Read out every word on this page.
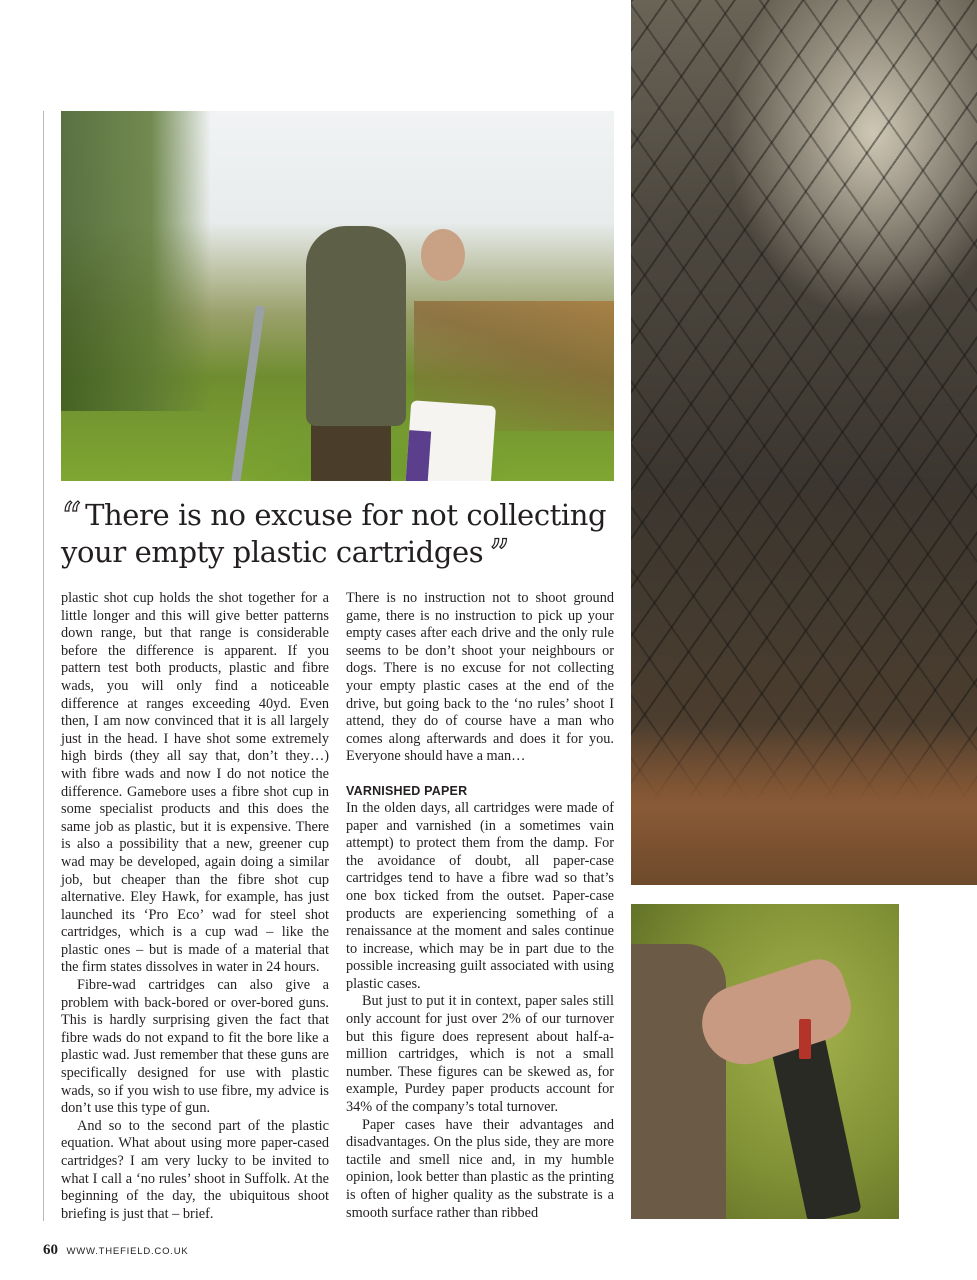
“ There is no excuse for not collecting your empty plastic cartridges ”

plastic shot cup holds the shot together for a little longer and this will give better patterns down range, but that range is considerable before the difference is apparent. If you pattern test both products, plastic and fibre wads, you will only find a noticeable difference at ranges exceeding 40yd. Even then, I am now convinced that it is all largely just in the head. I have shot some extremely high birds (they all say that, don’t they…) with fibre wads and now I do not notice the difference. Gamebore uses a fibre shot cup in some specialist products and this does the same job as plastic, but it is expensive. There is also a possibility that a new, greener cup wad may be developed, again doing a similar job, but cheaper than the fibre shot cup alternative. Eley Hawk, for example, has just launched its ‘Pro Eco’ wad for steel shot cartridges, which is a cup wad – like the plastic ones – but is made of a material that the firm states dissolves in water in 24 hours.

Fibre-wad cartridges can also give a problem with back-bored or over-bored guns. This is hardly surprising given the fact that fibre wads do not expand to fit the bore like a plastic wad. Just remember that these guns are specifically designed for use with plastic wads, so if you wish to use fibre, my advice is don’t use this type of gun.

And so to the second part of the plastic equation. What about using more paper-cased cartridges? I am very lucky to be invited to what I call a ‘no rules’ shoot in Suffolk. At the beginning of the day, the ubiquitous shoot briefing is just that – brief.

There is no instruction not to shoot ground game, there is no instruction to pick up your empty cases after each drive and the only rule seems to be don’t shoot your neighbours or dogs. There is no excuse for not collecting your empty plastic cases at the end of the drive, but going back to the ‘no rules’ shoot I attend, they do of course have a man who comes along afterwards and does it for you. Everyone should have a man…

VARNISHED PAPER

In the olden days, all cartridges were made of paper and varnished (in a sometimes vain attempt) to protect them from the damp. For the avoidance of doubt, all paper-case cartridges tend to have a fibre wad so that’s one box ticked from the outset. Paper-case products are experiencing something of a renaissance at the moment and sales continue to increase, which may be in part due to the possible increasing guilt associated with using plastic cases.

But just to put it in context, paper sales still only account for just over 2% of our turnover but this figure does represent about half-a-million cartridges, which is not a small number. These figures can be skewed as, for example, Purdey paper products account for 34% of the company’s total turnover.

Paper cases have their advantages and disadvantages. On the plus side, they are more tactile and smell nice and, in my humble opinion, look better than plastic as the printing is often of higher quality as the substrate is a smooth surface rather than ribbed

60 WWW.THEFIELD.CO.UK
